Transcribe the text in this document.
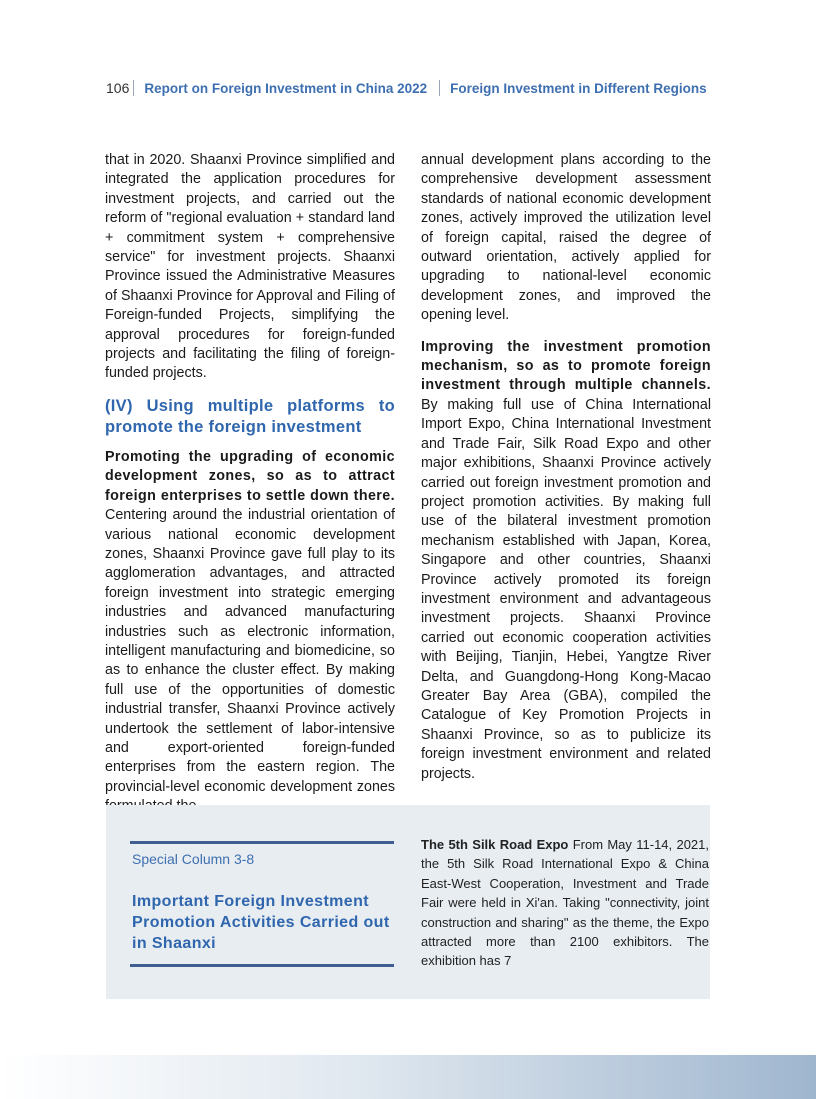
106 Report on Foreign Investment in China 2022 Foreign Investment in Different Regions

that in 2020. Shaanxi Province simplified and integrated the application procedures for investment projects, and carried out the reform of "regional evaluation + standard land + commitment system + comprehensive service" for investment projects. Shaanxi Province issued the Administrative Measures of Shaanxi Province for Approval and Filing of Foreign-funded Projects, simplifying the approval procedures for foreign-funded projects and facilitating the filing of foreign-funded projects.

(IV) Using multiple platforms to promote the foreign investment

Promoting the upgrading of economic development zones, so as to attract foreign enterprises to settle down there. Centering around the industrial orientation of various national economic development zones, Shaanxi Province gave full play to its agglomeration advantages, and attracted foreign investment into strategic emerging industries and advanced manufacturing industries such as electronic information, intelligent manufacturing and biomedicine, so as to enhance the cluster effect. By making full use of the opportunities of domestic industrial transfer, Shaanxi Province actively undertook the settlement of labor-intensive and export-oriented foreign-funded enterprises from the eastern region. The provincial-level economic development zones

annual development plans according to the comprehensive development assessment standards of national economic development zones, actively improved the utilization level of foreign capital, raised the degree of outward orientation, actively applied for upgrading to national-level economic development zones, and improved the opening level.

Improving the investment promotion mechanism, so as to promote foreign investment through multiple channels. By making full use of China International Import Expo, China International Investment and Trade Fair, Silk Road Expo and other major exhibitions, Shaanxi Province actively carried out foreign investment promotion and project promotion activities. By making full use of the bilateral investment promotion mechanism established with Japan, Korea, Singapore and other countries, Shaanxi Province actively promoted its foreign investment environment and advantageous investment projects. Shaanxi Province carried out economic cooperation activities with Beijing, Tianjin, Hebei, Yangtze River Delta, and Guangdong-Hong Kong-Macao Greater Bay Area (GBA), compiled the Catalogue of Key Promotion Projects in Shaanxi Province, so as to publicize its foreign investment environment and related projects.

Special Column 3-8
Important Foreign Investment Promotion Activities Carried out in Shaanxi
The 5th Silk Road Expo From May 11-14, 2021, the 5th Silk Road International Expo & China East-West Cooperation, Investment and Trade Fair were held in Xi'an. Taking "connectivity, joint construction and sharing" as the theme, the Expo attracted more than 2100 exhibitors. The exhibition has 7
